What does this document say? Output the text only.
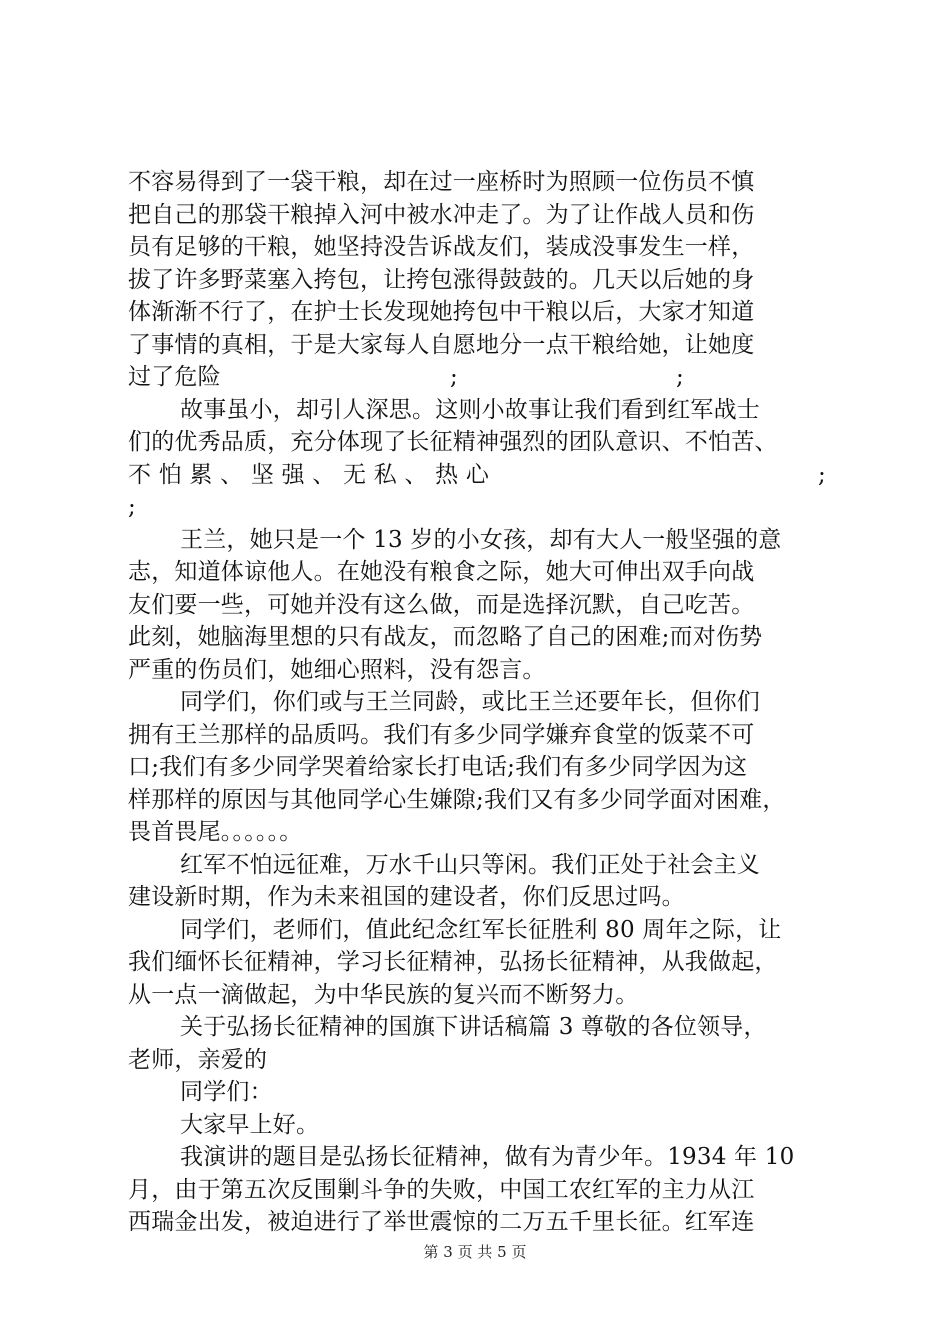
不容易得到了一袋干粮，却在过一座桥时为照顾一位伤员不慎
把自己的那袋干粮掉入河中被水冲走了。为了让作战人员和伤
员有足够的干粮，她坚持没告诉战友们，装成没事发生一样，
拔了许多野菜塞入挎包，让挎包涨得鼓鼓的。几天以后她的身
体渐渐不行了，在护士长发现她挎包中干粮以后，大家才知道
了事情的真相，于是大家每人自愿地分一点干粮给她，让她度
过了危险	;	;
故事虽小，却引人深思。这则小故事让我们看到红军战士
们的优秀品质，充分体现了长征精神强烈的团队意识、不怕苦、
不 怕 累 、 坚 强 、 无 私 、 热 心	;
;
王兰，她只是一个 13 岁的小女孩，却有大人一般坚强的意
志，知道体谅他人。在她没有粮食之际，她大可伸出双手向战
友们要一些，可她并没有这么做，而是选择沉默，自己吃苦。
此刻，她脑海里想的只有战友，而忽略了自己的困难;而对伤势
严重的伤员们，她细心照料，没有怨言。
同学们，你们或与王兰同龄，或比王兰还要年长，但你们
拥有王兰那样的品质吗。我们有多少同学嫌弃食堂的饭菜不可
口;我们有多少同学哭着给家长打电话;我们有多少同学因为这
样那样的原因与其他同学心生嫌隙;我们又有多少同学面对困难，
畏首畏尾。。。。。。
红军不怕远征难，万水千山只等闲。我们正处于社会主义
建设新时期，作为未来祖国的建设者，你们反思过吗。
同学们，老师们，值此纪念红军长征胜利 80 周年之际，让
我们缅怀长征精神，学习长征精神，弘扬长征精神，从我做起，
从一点一滴做起，为中华民族的复兴而不断努力。
关于弘扬长征精神的国旗下讲话稿篇 3 尊敬的各位领导，
老师，亲爱的
同学们：
大家早上好。
我演讲的题目是弘扬长征精神，做有为青少年。1934 年 10
月，由于第五次反围剿斗争的失败，中国工农红军的主力从江
西瑞金出发，被迫进行了举世震惊的二万五千里长征。红军连
第 3 页 共 5 页
